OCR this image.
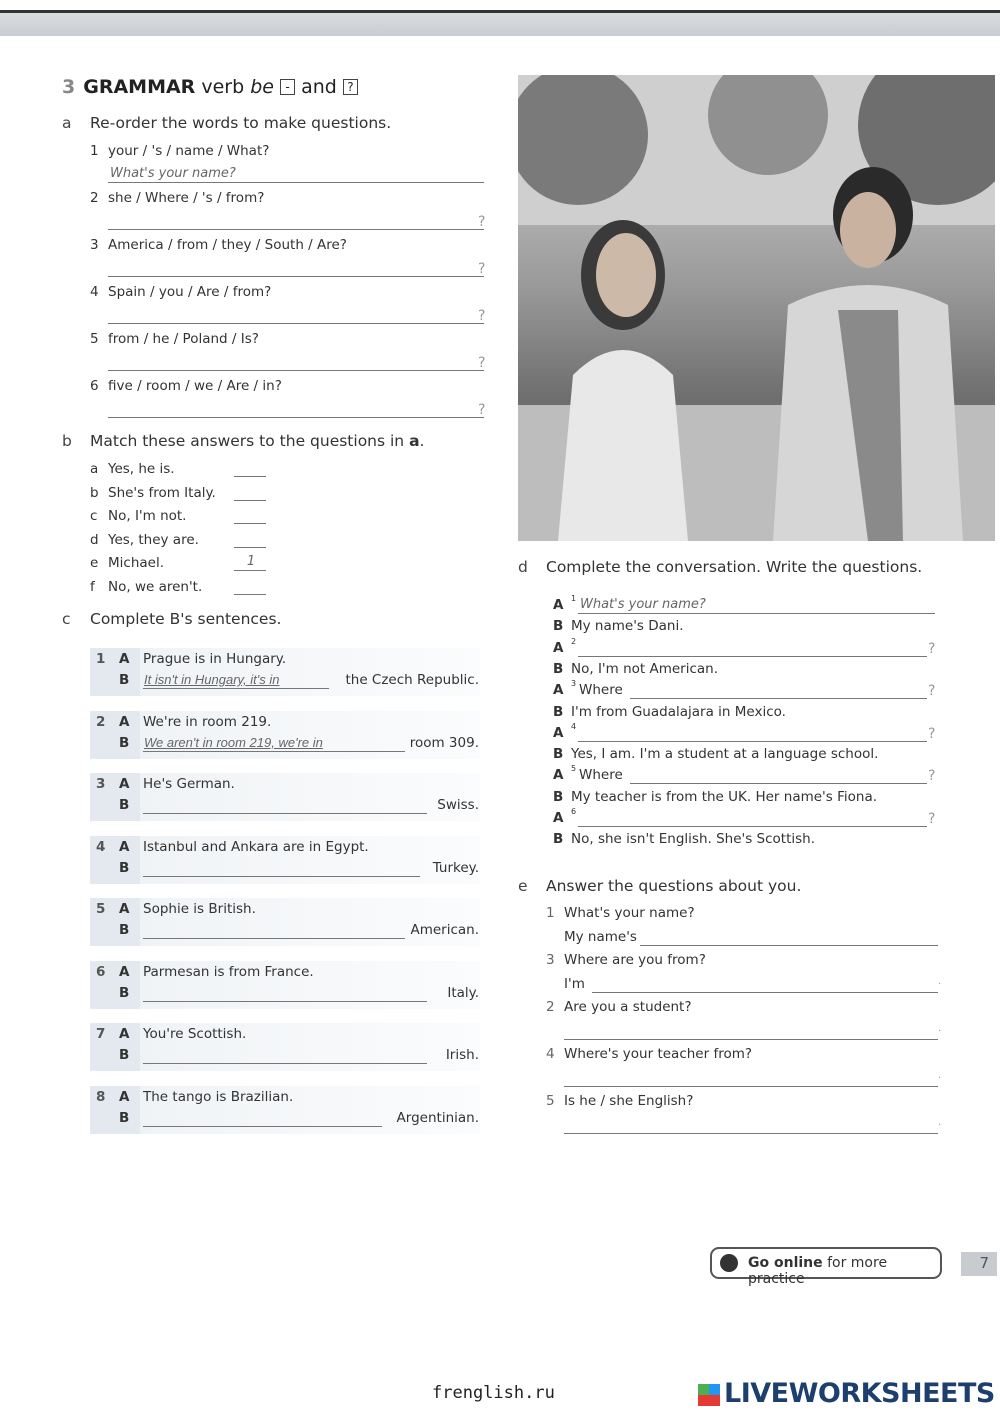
3 GRAMMAR verb be - and ?
a Re-order the words to make questions.
1 your / 's / name / What?
What's your name?
2 she / Where / 's / from?
?
3 America / from / they / South / Are?
?
4 Spain / you / Are / from?
?
5 from / he / Poland / Is?
?
6 five / room / we / Are / in?
?
b Match these answers to the questions in a.
a Yes, he is.
b She's from Italy.
c No, I'm not.
d Yes, they are.
e Michael.
1
f No, we aren't.
c Complete B's sentences.
1 A Prague is in Hungary.
B It isn't in Hungary, it's in	the Czech Republic.
2 A We're in room 219.
B We aren't in room 219, we're in	room 309.
3 A He's German.
B	Swiss.
4 A Istanbul and Ankara are in Egypt.
B	Turkey.
5 A Sophie is British.
B	American.
6 A Parmesan is from France.
B	Italy.
7 A You're Scottish.
B	Irish.
8 A The tango is Brazilian.
B	Argentinian.
d Complete the conversation. Write the questions.
A 1
What's your name?
B My name's Dani.
A 2	?
B No, I'm not American.
A 3 Where	?
B I'm from Guadalajara in Mexico.
A 4	?
B Yes, I am. I'm a student at a language school.
A 5 Where	?
B My teacher is from the UK. Her name's Fiona.
A 6	?
B No, she isn't English. She's Scottish.
e Answer the questions about you.
1 What's your name?
My name's
3 Where are you from?
I'm	.
2 Are you a student?
.
4 Where's your teacher from?
.
5 Is he / she English?
.
Go online for more practice
7
frenglish.ru	LIVEWORKSHEETS
